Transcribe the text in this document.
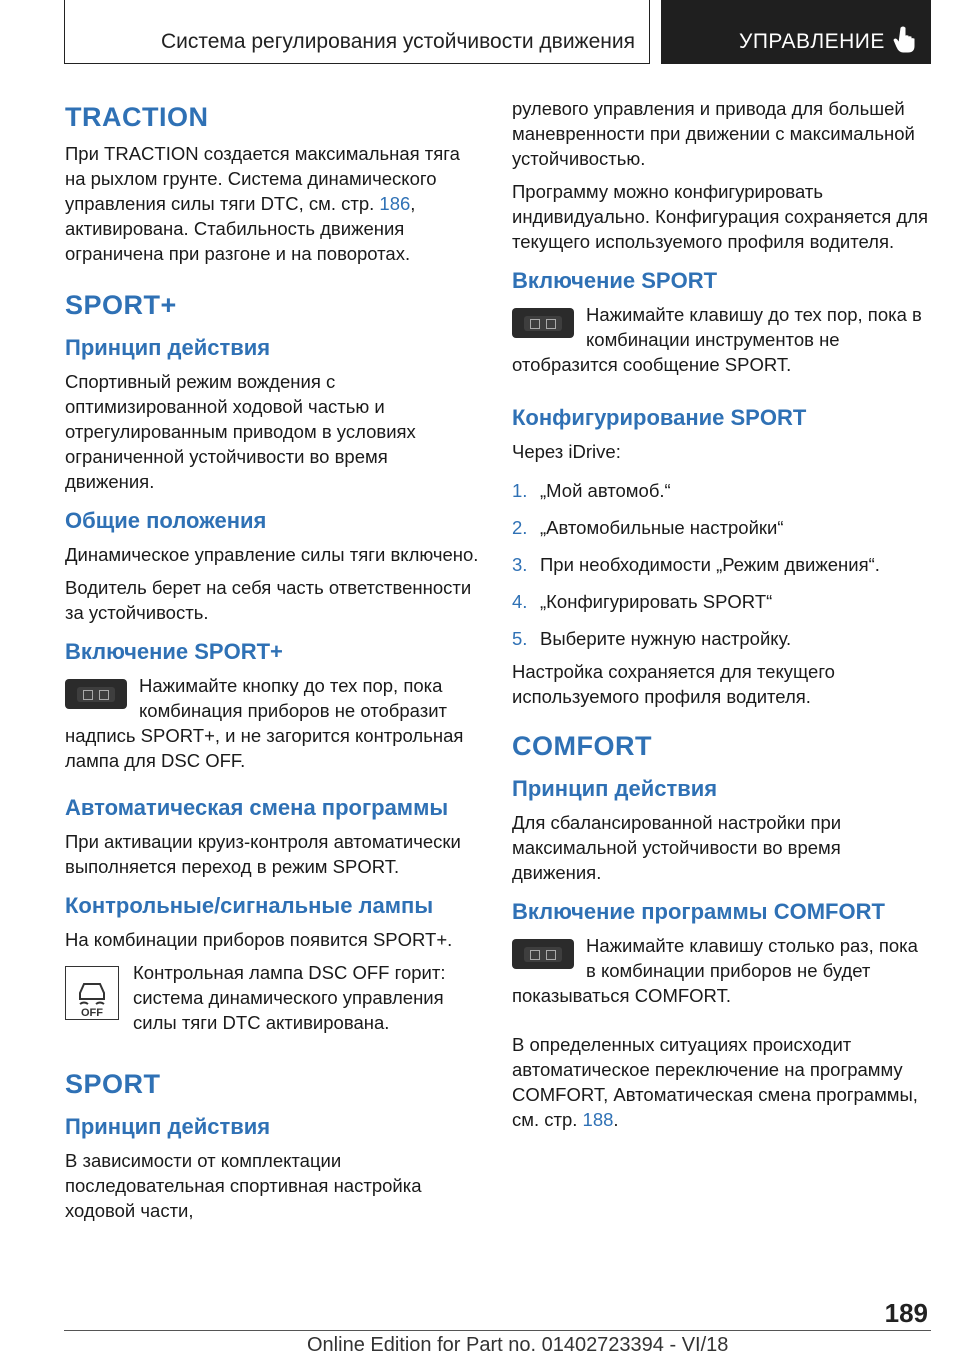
Система регулирования устойчивости движения	УПРАВЛЕНИЕ
TRACTION

При TRACTION создается максимальная тяга на рыхлом грунте. Система динамического управления силы тяги DTC, см. стр. 186, активирована. Стабильность движения ограничена при разгоне и на поворотах.

SPORT+
Принцип действия

Спортивный режим вождения с оптимизированной ходовой частью и отрегулированным приводом в условиях ограниченной устойчивости во время движения.

Общие положения

Динамическое управление силы тяги включено.

Водитель берет на себя часть ответственности за устойчивость.

Включение SPORT+

Нажимайте кнопку до тех пор, пока комбинация приборов не отобразит надпись SPORT+, и не загорится контрольная лампа для DSC OFF.

Автоматическая смена программы

При активации круиз-контроля автоматически выполняется переход в режим SPORT.

Контрольные/сигнальные лампы

На комбинации приборов появится SPORT+.

OFF

Контрольная лампа DSC OFF горит: система динамического управления силы тяги DTC активирована.

SPORT
Принцип действия

В зависимости от комплектации последовательная спортивная настройка ходовой части,

рулевого управления и привода для большей маневренности при движении с максимальной устойчивостью.

Программу можно конфигурировать индивидуально. Конфигурация сохраняется для текущего используемого профиля водителя.

Включение SPORT

Нажимайте клавишу до тех пор, пока в комбинации инструментов не отобразится сообщение SPORT.

Конфигурирование SPORT

Через iDrive:

1. „Мой автомоб.“
2. „Автомобильные настройки“
3. При необходимости „Режим движения“.
4. „Конфигурировать SPORT“
5. Выберите нужную настройку.

Настройка сохраняется для текущего используемого профиля водителя.

COMFORT
Принцип действия

Для сбалансированной настройки при максимальной устойчивости во время движения.

Включение программы COMFORT

Нажимайте клавишу столько раз, пока в комбинации приборов не будет показываться COMFORT.

В определенных ситуациях происходит автоматическое переключение на программу COMFORT, Автоматическая смена программы, см. стр. 188.

189
Online Edition for Part no. 01402723394 - VI/18
